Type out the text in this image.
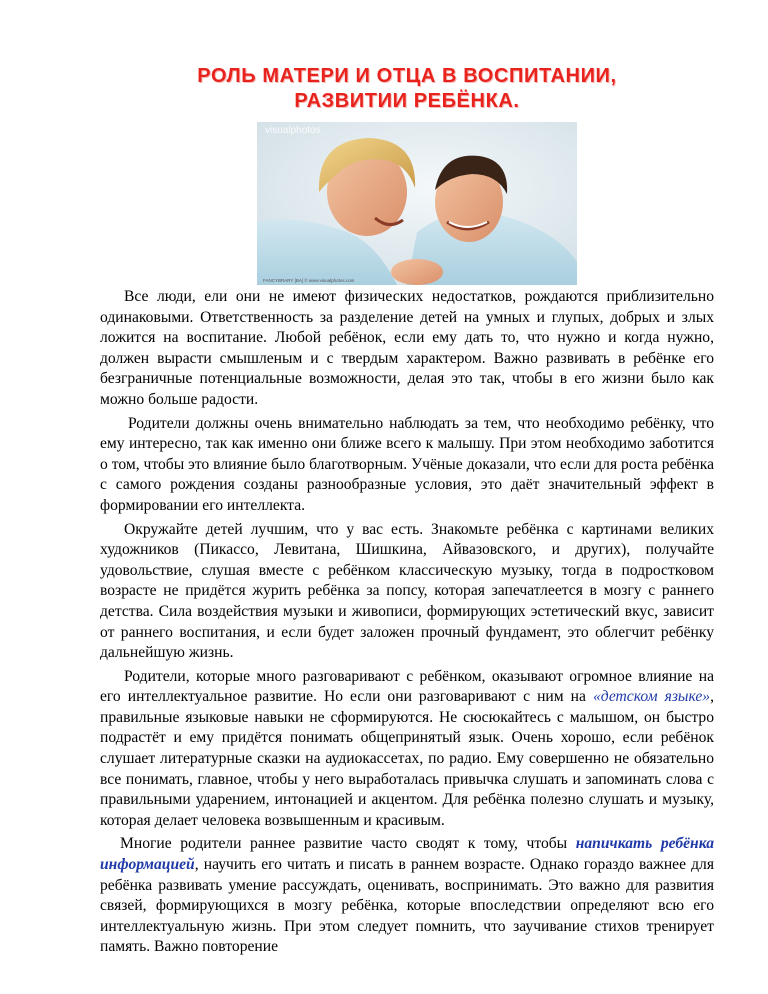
РОЛЬ МАТЕРИ И ОТЦА В ВОСПИТАНИИ,
РАЗВИТИИ РЕБЁНКА.
visualphotos
FANCYBRARY [BA] © www.visualphotos.com

Все люди, ели они не имеют физических недостатков, рождаются приблизительно одинаковыми. Ответственность за разделение детей на умных и глупых, добрых и злых ложится на воспитание. Любой ребёнок, если ему дать то, что нужно и когда нужно, должен вырасти смышленым и с твердым характером. Важно развивать в ребёнке его безграничные потенциальные возможности, делая это так, чтобы в его жизни было как можно больше радости.

Родители должны очень внимательно наблюдать за тем, что необходимо ребёнку, что ему интересно, так как именно они ближе всего к малышу. При этом необходимо заботится о том, чтобы это влияние было благотворным. Учёные доказали, что если для роста ребёнка с самого рождения созданы разнообразные условия, это даёт значительный эффект в формировании его интеллекта.

Окружайте детей лучшим, что у вас есть. Знакомьте ребёнка с картинами великих художников (Пикассо, Левитана, Шишкина, Айвазовского, и других), получайте удовольствие, слушая вместе с ребёнком классическую музыку, тогда в подростковом возрасте не придётся журить ребёнка за попсу, которая запечатлеется в мозгу с раннего детства. Сила воздействия музыки и живописи, формирующих эстетический вкус, зависит от раннего воспитания, и если будет заложен прочный фундамент, это облегчит ребёнку дальнейшую жизнь.

Родители, которые много разговаривают с ребёнком, оказывают огромное влияние на его интеллектуальное развитие. Но если они разговаривают с ним на «детском языке», правильные языковые навыки не сформируются. Не сюсюкайтесь с малышом, он быстро подрастёт и ему придётся понимать общепринятый язык. Очень хорошо, если ребёнок слушает литературные сказки на аудиокассетах, по радио. Ему совершенно не обязательно все понимать, главное, чтобы у него выработалась привычка слушать и запоминать слова с правильными ударением, интонацией и акцентом. Для ребёнка полезно слушать и музыку, которая делает человека возвышенным и красивым.

Многие родители раннее развитие часто сводят к тому, чтобы напичкать ребёнка информацией, научить его читать и писать в раннем возрасте. Однако гораздо важнее для ребёнка развивать умение рассуждать, оценивать, воспринимать. Это важно для развития связей, формирующихся в мозгу ребёнка, которые впоследствии определяют всю его интеллектуальную жизнь. При этом следует помнить, что заучивание стихов тренирует память. Важно повторение
